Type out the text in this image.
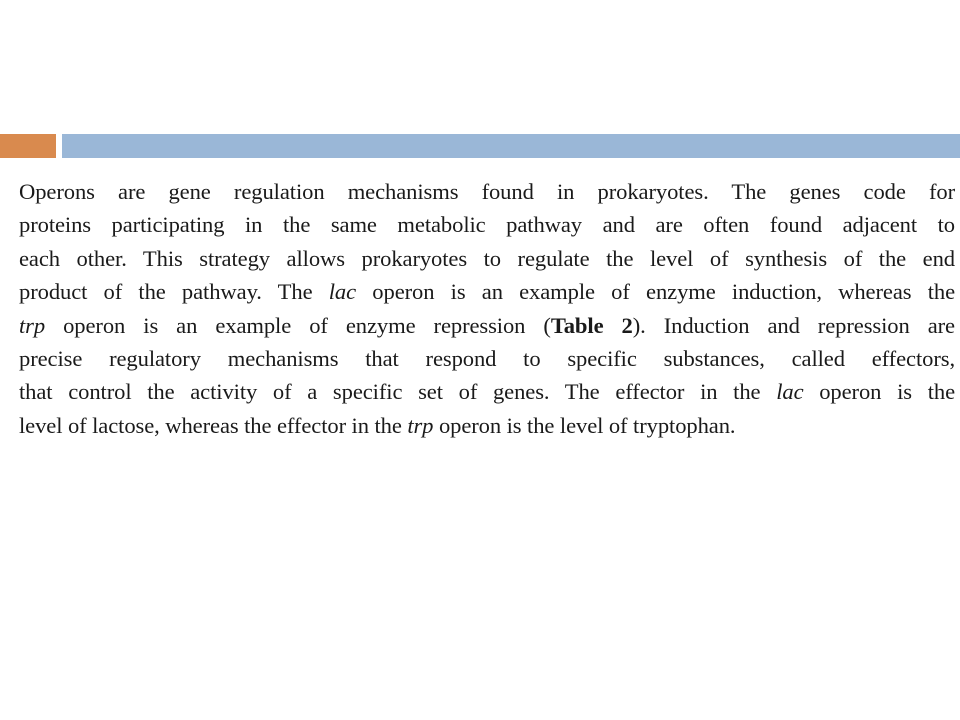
Operons are gene regulation mechanisms found in prokaryotes. The genes code for
proteins participating in the same metabolic pathway and are often found adjacent to
each other. This strategy allows prokaryotes to regulate the level of synthesis of the end
product of the pathway. The lac operon is an example of enzyme induction, whereas the
trp operon is an example of enzyme repression (Table 2). Induction and repression are
precise regulatory mechanisms that respond to specific substances, called effectors,
that control the activity of a specific set of genes. The effector in the lac operon is the
level of lactose, whereas the effector in the trp operon is the level of tryptophan.
